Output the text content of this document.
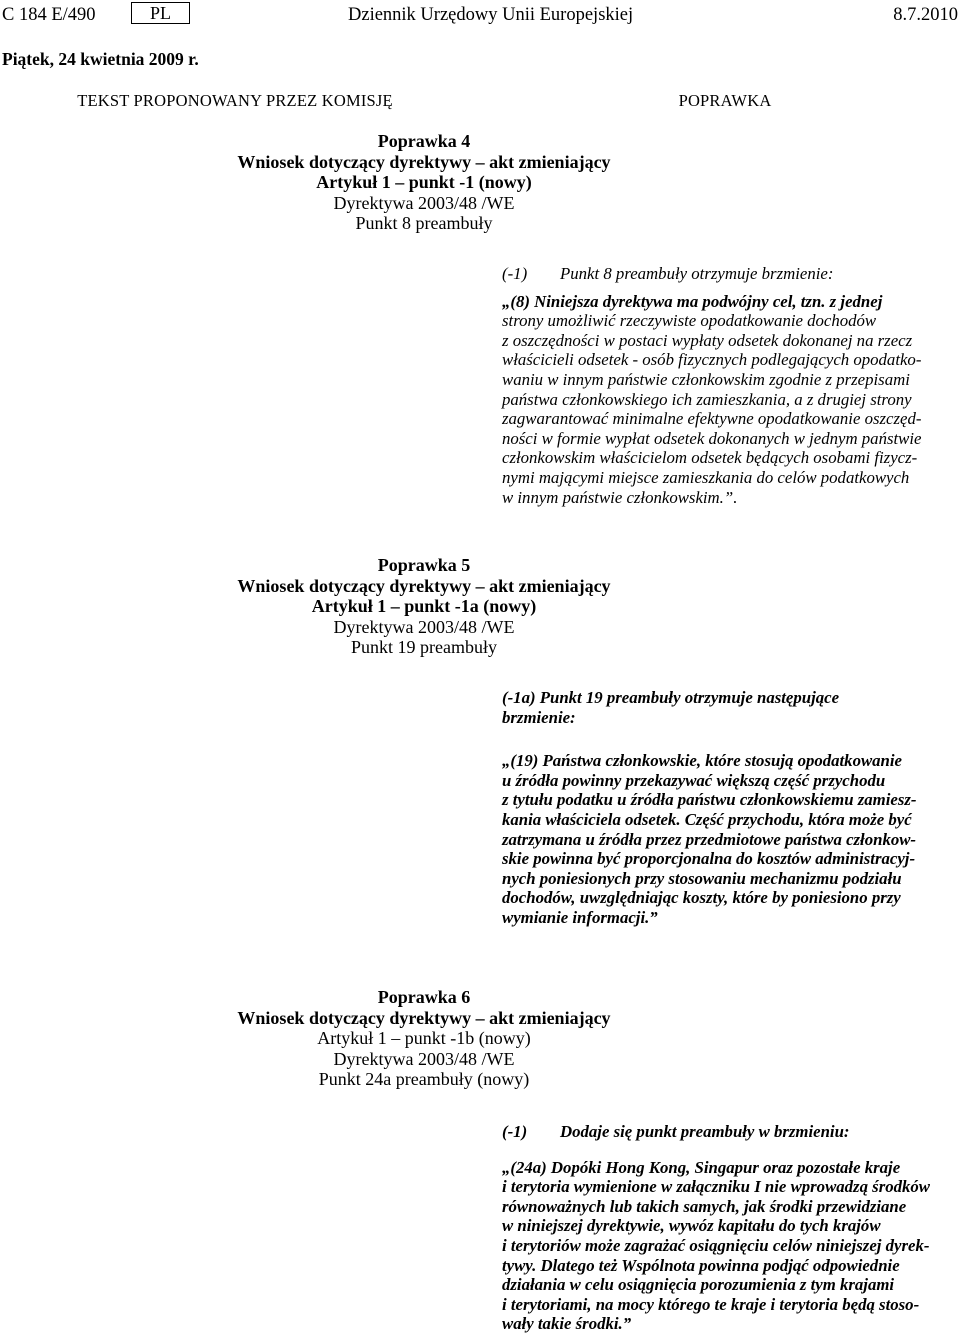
C 184 E/490	PL	Dziennik Urzędowy Unii Europejskiej	8.7.2010
Piątek, 24 kwietnia 2009 r.
TEKST PROPONOWANY PRZEZ KOMISJĘ	POPRAWKA
Poprawka 4
Wniosek dotyczący dyrektywy – akt zmieniający
Artykuł 1 – punkt -1 (nowy)
Dyrektywa 2003/48 /WE
Punkt 8 preambuły
(-1) Punkt 8 preambuły otrzymuje brzmienie:
„(8) Niniejsza dyrektywa ma podwójny cel, tzn. z jednej
strony umożliwić rzeczywiste opodatkowanie dochodów
z oszczędności w postaci wypłaty odsetek dokonanej na rzecz
właścicieli odsetek - osób fizycznych podlegających opodatko-
waniu w innym państwie członkowskim zgodnie z przepisami
państwa członkowskiego ich zamieszkania, a z drugiej strony
zagwarantować minimalne efektywne opodatkowanie oszczęd-
ności w formie wypłat odsetek dokonanych w jednym państwie
członkowskim właścicielom odsetek będących osobami fizycz-
nymi mającymi miejsce zamieszkania do celów podatkowych
w innym państwie członkowskim.”.
Poprawka 5
Wniosek dotyczący dyrektywy – akt zmieniający
Artykuł 1 – punkt -1a (nowy)
Dyrektywa 2003/48 /WE
Punkt 19 preambuły
(-1a) Punkt 19 preambuły otrzymuje następujące
brzmienie:
„(19) Państwa członkowskie, które stosują opodatkowanie
u źródła powinny przekazywać większą część przychodu
z tytułu podatku u źródła państwu członkowskiemu zamiesz-
kania właściciela odsetek. Część przychodu, która może być
zatrzymana u źródła przez przedmiotowe państwa członkow-
skie powinna być proporcjonalna do kosztów administracyj-
nych poniesionych przy stosowaniu mechanizmu podziału
dochodów, uwzględniając koszty, które by poniesiono przy
wymianie informacji.”
Poprawka 6
Wniosek dotyczący dyrektywy – akt zmieniający
Artykuł 1 – punkt -1b (nowy)
Dyrektywa 2003/48 /WE
Punkt 24a preambuły (nowy)
(-1) Dodaje się punkt preambuły w brzmieniu:
„(24a) Dopóki Hong Kong, Singapur oraz pozostałe kraje
i terytoria wymienione w załączniku I nie wprowadzą środków
równoważnych lub takich samych, jak środki przewidziane
w niniejszej dyrektywie, wywóz kapitału do tych krajów
i terytoriów może zagrażać osiągnięciu celów niniejszej dyrek-
tywy. Dlatego też Wspólnota powinna podjąć odpowiednie
działania w celu osiągnięcia porozumienia z tym krajami
i terytoriami, na mocy którego te kraje i terytoria będą stoso-
wały takie środki.”
